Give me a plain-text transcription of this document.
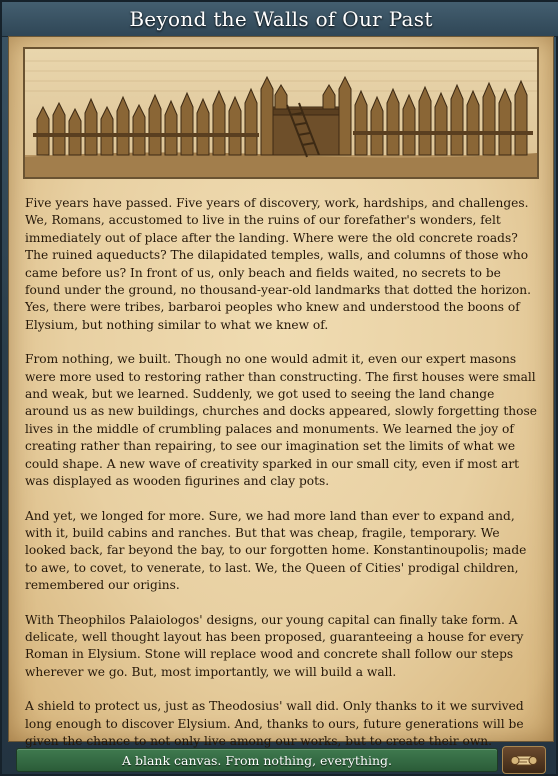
Beyond the Walls of Our Past

Five years have passed. Five years of discovery, work, hardships, and challenges. We, Romans, accustomed to live in the ruins of our forefather's wonders, felt immediately out of place after the landing. Where were the old concrete roads? The ruined aqueducts? The dilapidated temples, walls, and columns of those who came before us? In front of us, only beach and fields waited, no secrets to be found under the ground, no thousand-year-old landmarks that dotted the horizon. Yes, there were tribes, barbaroi peoples who knew and understood the boons of Elysium, but nothing similar to what we knew of.

From nothing, we built. Though no one would admit it, even our expert masons were more used to restoring rather than constructing. The first houses were small and weak, but we learned. Suddenly, we got used to seeing the land change around us as new buildings, churches and docks appeared, slowly forgetting those lives in the middle of crumbling palaces and monuments. We learned the joy of creating rather than repairing, to see our imagination set the limits of what we could shape. A new wave of creativity sparked in our small city, even if most art was displayed as wooden figurines and clay pots.

And yet, we longed for more. Sure, we had more land than ever to expand and, with it, build cabins and ranches. But that was cheap, fragile, temporary. We looked back, far beyond the bay, to our forgotten home. Konstantinoupolis; made to awe, to covet, to venerate, to last. We, the Queen of Cities' prodigal children, remembered our origins.

With Theophilos Palaiologos' designs, our young capital can finally take form. A delicate, well thought layout has been proposed, guaranteeing a house for every Roman in Elysium. Stone will replace wood and concrete shall follow our steps wherever we go. But, most importantly, we will build a wall.

A shield to protect us, just as Theodosius' wall did. Only thanks to it we survived long enough to discover Elysium. And, thanks to ours, future generations will be given the chance to not only live among our works, but to create their own.

A blank canvas. From nothing, everything.
